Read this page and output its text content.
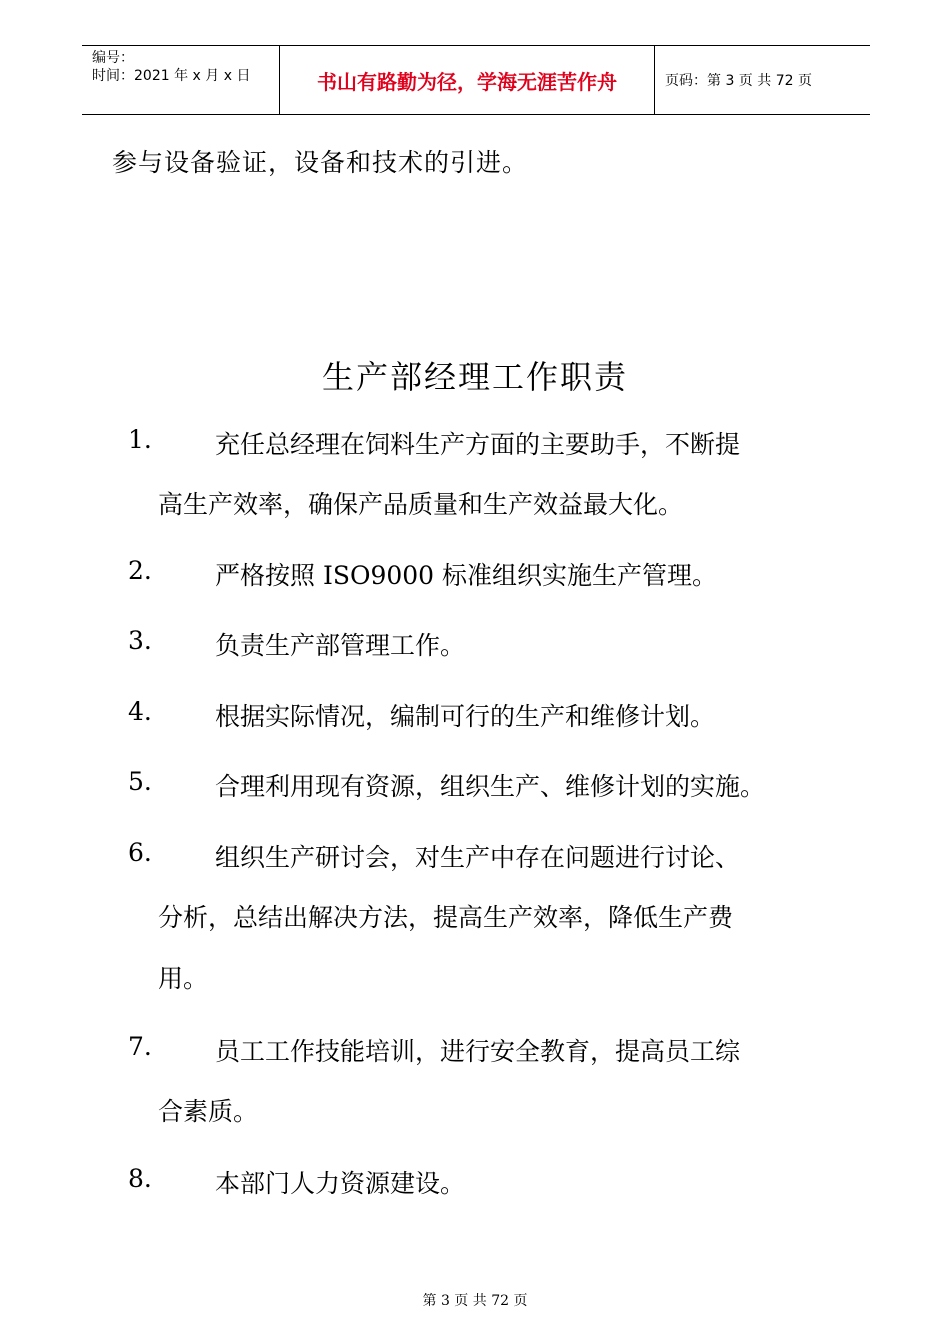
编号：
时间：2021 年 x 月 x 日	书山有路勤为径，学海无涯苦作舟	页码：第 3 页 共 72 页
参与设备验证，设备和技术的引进。
生产部经理工作职责
1.	充任总经理在饲料生产方面的主要助手，不断提
高生产效率，确保产品质量和生产效益最大化。
2.	严格按照 ISO9000 标准组织实施生产管理。
3.	负责生产部管理工作。
4.	根据实际情况，编制可行的生产和维修计划。
5.	合理利用现有资源，组织生产、维修计划的实施。
6.	组织生产研讨会，对生产中存在问题进行讨论、
分析，总结出解决方法，提高生产效率，降低生产费
用。
7.	员工工作技能培训，进行安全教育，提高员工综
合素质。
8.	本部门人力资源建设。
第 3 页 共 72 页
